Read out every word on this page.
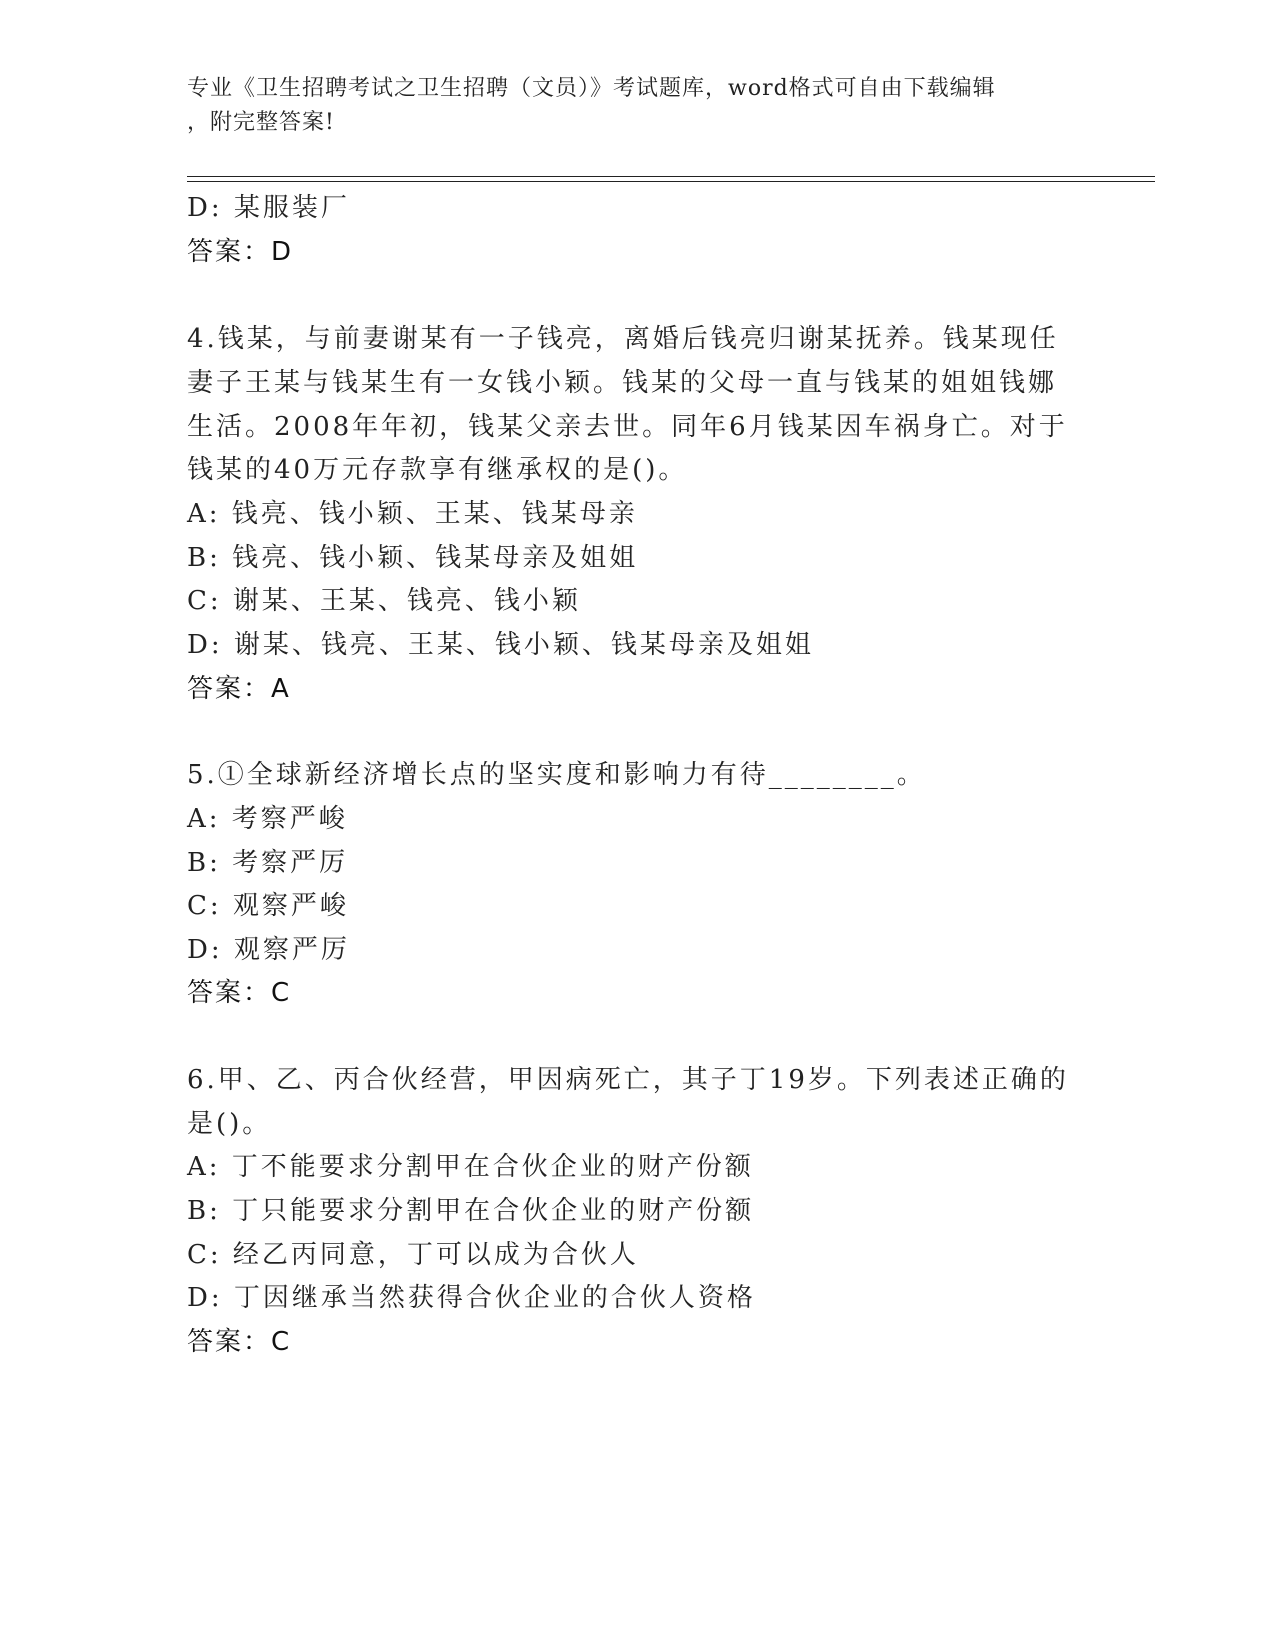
专业《卫生招聘考试之卫生招聘（文员）》考试题库，word格式可自由下载编辑
，附完整答案!
D: 某服装厂
答案：D
4.钱某，与前妻谢某有一子钱亮，离婚后钱亮归谢某抚养。钱某现任
妻子王某与钱某生有一女钱小颖。钱某的父母一直与钱某的姐姐钱娜
生活。2008年年初，钱某父亲去世。同年6月钱某因车祸身亡。对于
钱某的40万元存款享有继承权的是()。
A: 钱亮、钱小颖、王某、钱某母亲
B: 钱亮、钱小颖、钱某母亲及姐姐
C: 谢某、王某、钱亮、钱小颖
D: 谢某、钱亮、王某、钱小颖、钱某母亲及姐姐
答案：A
5.①全球新经济增长点的坚实度和影响力有待________。
A: 考察严峻
B: 考察严厉
C: 观察严峻
D: 观察严厉
答案：C
6.甲、乙、丙合伙经营，甲因病死亡，其子丁19岁。下列表述正确的
是()。
A: 丁不能要求分割甲在合伙企业的财产份额
B: 丁只能要求分割甲在合伙企业的财产份额
C: 经乙丙同意，丁可以成为合伙人
D: 丁因继承当然获得合伙企业的合伙人资格
答案：C
